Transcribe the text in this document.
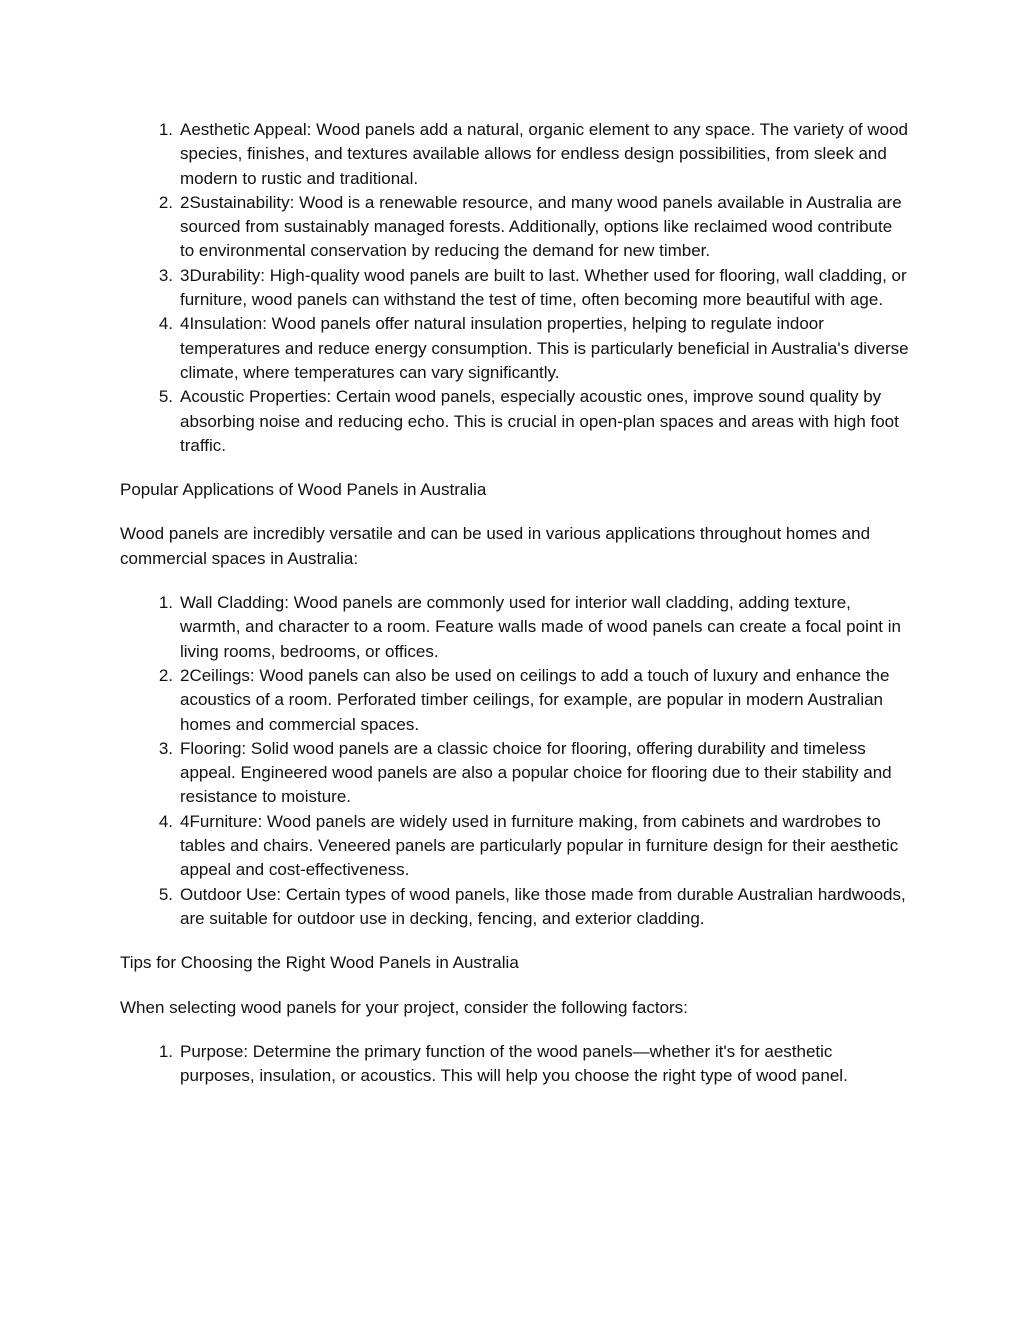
1. Aesthetic Appeal: Wood panels add a natural, organic element to any space. The variety of wood species, finishes, and textures available allows for endless design possibilities, from sleek and modern to rustic and traditional.
2. 2Sustainability: Wood is a renewable resource, and many wood panels available in Australia are sourced from sustainably managed forests. Additionally, options like reclaimed wood contribute to environmental conservation by reducing the demand for new timber.
3. 3Durability: High-quality wood panels are built to last. Whether used for flooring, wall cladding, or furniture, wood panels can withstand the test of time, often becoming more beautiful with age.
4. 4Insulation: Wood panels offer natural insulation properties, helping to regulate indoor temperatures and reduce energy consumption. This is particularly beneficial in Australia's diverse climate, where temperatures can vary significantly.
5. Acoustic Properties: Certain wood panels, especially acoustic ones, improve sound quality by absorbing noise and reducing echo. This is crucial in open-plan spaces and areas with high foot traffic.

Popular Applications of Wood Panels in Australia

Wood panels are incredibly versatile and can be used in various applications throughout homes and commercial spaces in Australia:

1. Wall Cladding: Wood panels are commonly used for interior wall cladding, adding texture, warmth, and character to a room. Feature walls made of wood panels can create a focal point in living rooms, bedrooms, or offices.
2. 2Ceilings: Wood panels can also be used on ceilings to add a touch of luxury and enhance the acoustics of a room. Perforated timber ceilings, for example, are popular in modern Australian homes and commercial spaces.
3. Flooring: Solid wood panels are a classic choice for flooring, offering durability and timeless appeal. Engineered wood panels are also a popular choice for flooring due to their stability and resistance to moisture.
4. 4Furniture: Wood panels are widely used in furniture making, from cabinets and wardrobes to tables and chairs. Veneered panels are particularly popular in furniture design for their aesthetic appeal and cost-effectiveness.
5. Outdoor Use: Certain types of wood panels, like those made from durable Australian hardwoods, are suitable for outdoor use in decking, fencing, and exterior cladding.

Tips for Choosing the Right Wood Panels in Australia

When selecting wood panels for your project, consider the following factors:

1. Purpose: Determine the primary function of the wood panels—whether it's for aesthetic purposes, insulation, or acoustics. This will help you choose the right type of wood panel.
